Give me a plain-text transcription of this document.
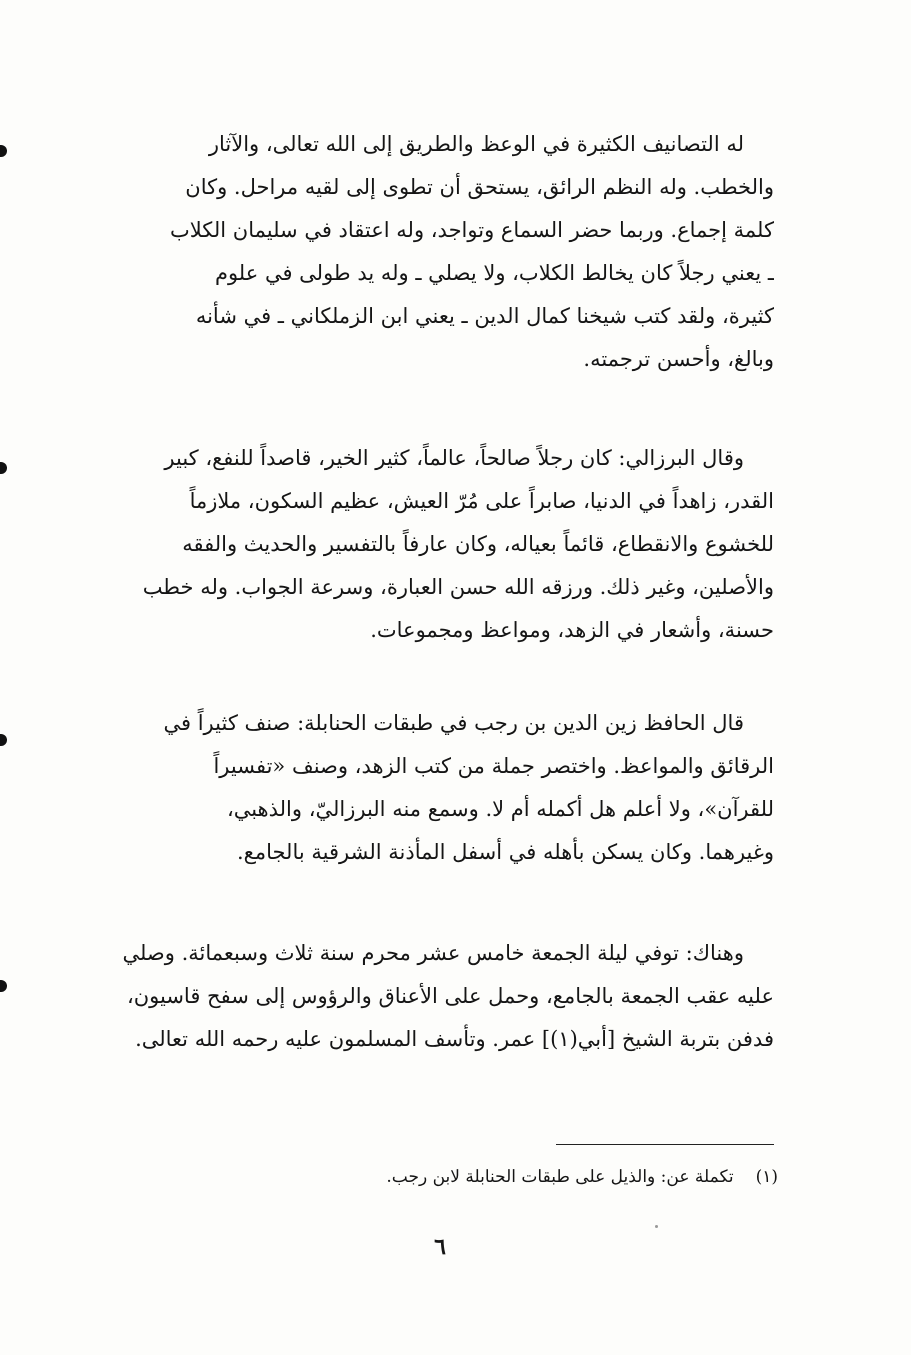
له التصانيف الكثيرة في الوعظ والطريق إلى الله تعالى، والآثار
والخطب. وله النظم الرائق، يستحق أن تطوى إلى لقيه مراحل. وكان
كلمة إجماع. وربما حضر السماع وتواجد، وله اعتقاد في سليمان الكلاب
ـ يعني رجلاً كان يخالط الكلاب، ولا يصلي ـ وله يد طولى في علوم
كثيرة، ولقد كتب شيخنا كمال الدين ـ يعني ابن الزملكاني ـ في شأنه
وبالغ، وأحسن ترجمته.
وقال البرزالي: كان رجلاً صالحاً، عالماً، كثير الخير، قاصداً للنفع، كبير
القدر، زاهداً في الدنيا، صابراً على مُرّ العيش، عظيم السكون، ملازماً
للخشوع والانقطاع، قائماً بعياله، وكان عارفاً بالتفسير والحديث والفقه
والأصلين، وغير ذلك. ورزقه الله حسن العبارة، وسرعة الجواب. وله خطب
حسنة، وأشعار في الزهد، ومواعظ ومجموعات.
قال الحافظ زين الدين بن رجب في طبقات الحنابلة: صنف كثيراً في
الرقائق والمواعظ. واختصر جملة من كتب الزهد، وصنف «تفسيراً
للقرآن»، ولا أعلم هل أكمله أم لا. وسمع منه البرزاليّ، والذهبي،
وغيرهما. وكان يسكن بأهله في أسفل المأذنة الشرقية بالجامع.
وهناك: توفي ليلة الجمعة خامس عشر محرم سنة ثلاث وسبعمائة. وصلي
عليه عقب الجمعة بالجامع، وحمل على الأعناق والرؤوس إلى سفح قاسيون،
فدفن بتربة الشيخ [أبي(١)] عمر. وتأسف المسلمون عليه رحمه الله تعالى.
(١)تكملة عن: والذيل على طبقات الحنابلة لابن رجب.
٦
